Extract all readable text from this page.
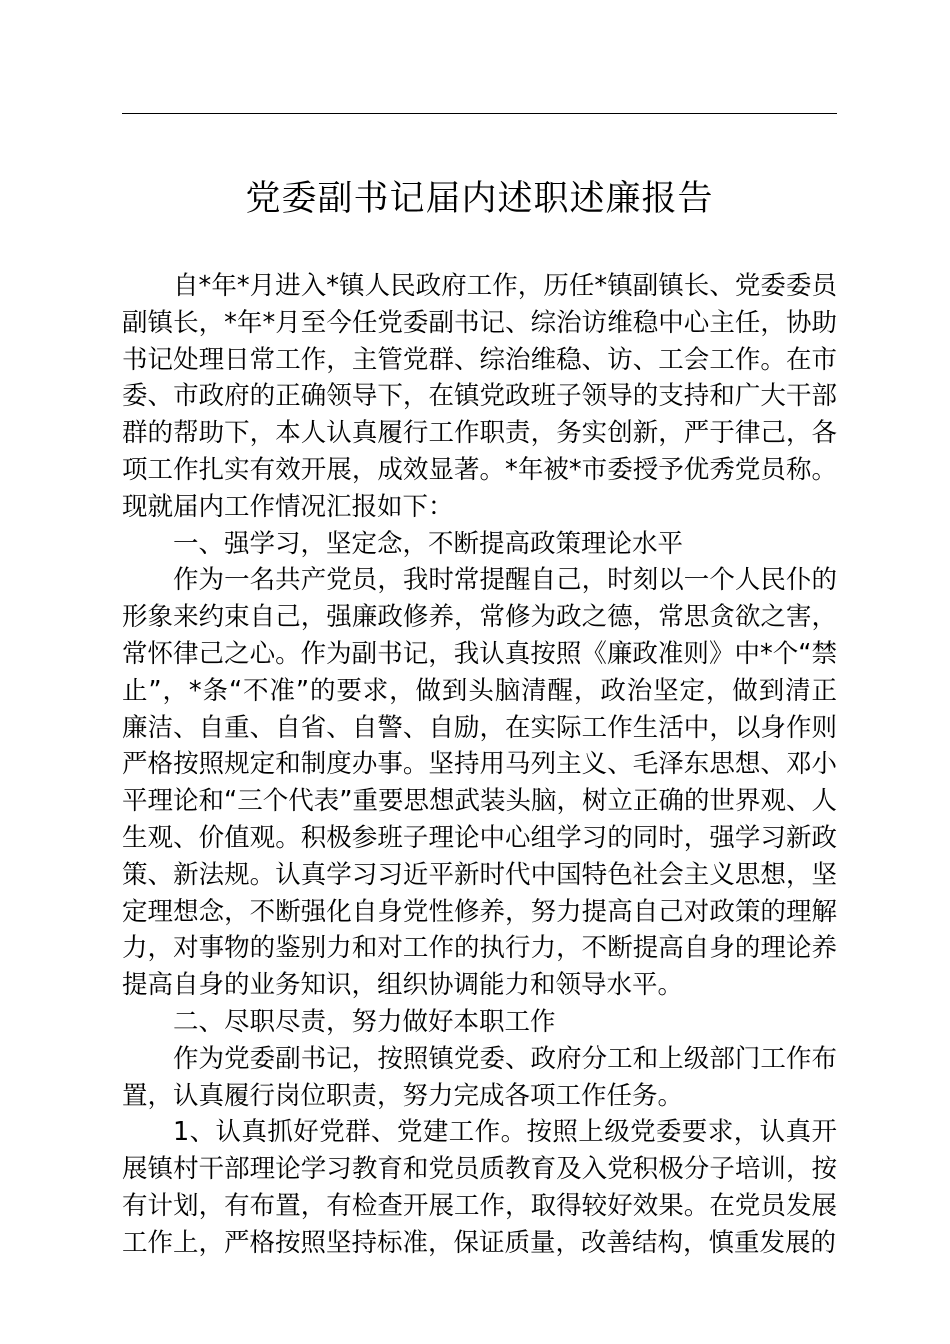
党委副书记届内述职述廉报告

自*年*月进入*镇人民政府工作，历任*镇副镇长、党委委员副镇长，*年*月至今任党委副书记、综治访维稳中心主任，协助书记处理日常工作，主管党群、综治维稳、访、工会工作。在市委、市政府的正确领导下，在镇党政班子领导的支持和广大干部群的帮助下，本人认真履行工作职责，务实创新，严于律己，各项工作扎实有效开展，成效显著。*年被*市委授予优秀党员称。现就届内工作情况汇报如下：

一、强学习，坚定念，不断提高政策理论水平

作为一名共产党员，我时常提醒自己，时刻以一个人民仆的形象来约束自己，强廉政修养，常修为政之德，常思贪欲之害，常怀律己之心。作为副书记，我认真按照《廉政准则》中*个“禁止”，*条“不准”的要求，做到头脑清醒，政治坚定，做到清正廉洁、自重、自省、自警、自励，在实际工作生活中，以身作则严格按照规定和制度办事。坚持用马列主义、毛泽东思想、邓小平理论和“三个代表”重要思想武装头脑，树立正确的世界观、人生观、价值观。积极参班子理论中心组学习的同时，强学习新政策、新法规。认真学习习近平新时代中国特色社会主义思想，坚定理想念，不断强化自身党性修养，努力提高自己对政策的理解力，对事物的鉴别力和对工作的执行力，不断提高自身的理论养提高自身的业务知识，组织协调能力和领导水平。

二、尽职尽责，努力做好本职工作

作为党委副书记，按照镇党委、政府分工和上级部门工作布置，认真履行岗位职责，努力完成各项工作任务。

1、认真抓好党群、党建工作。按照上级党委要求，认真开展镇村干部理论学习教育和党员质教育及入党积极分子培训，按有计划，有布置，有检查开展工作，取得较好效果。在党员发展工作上，严格按照坚持标准，保证质量，改善结构，慎重发展的
